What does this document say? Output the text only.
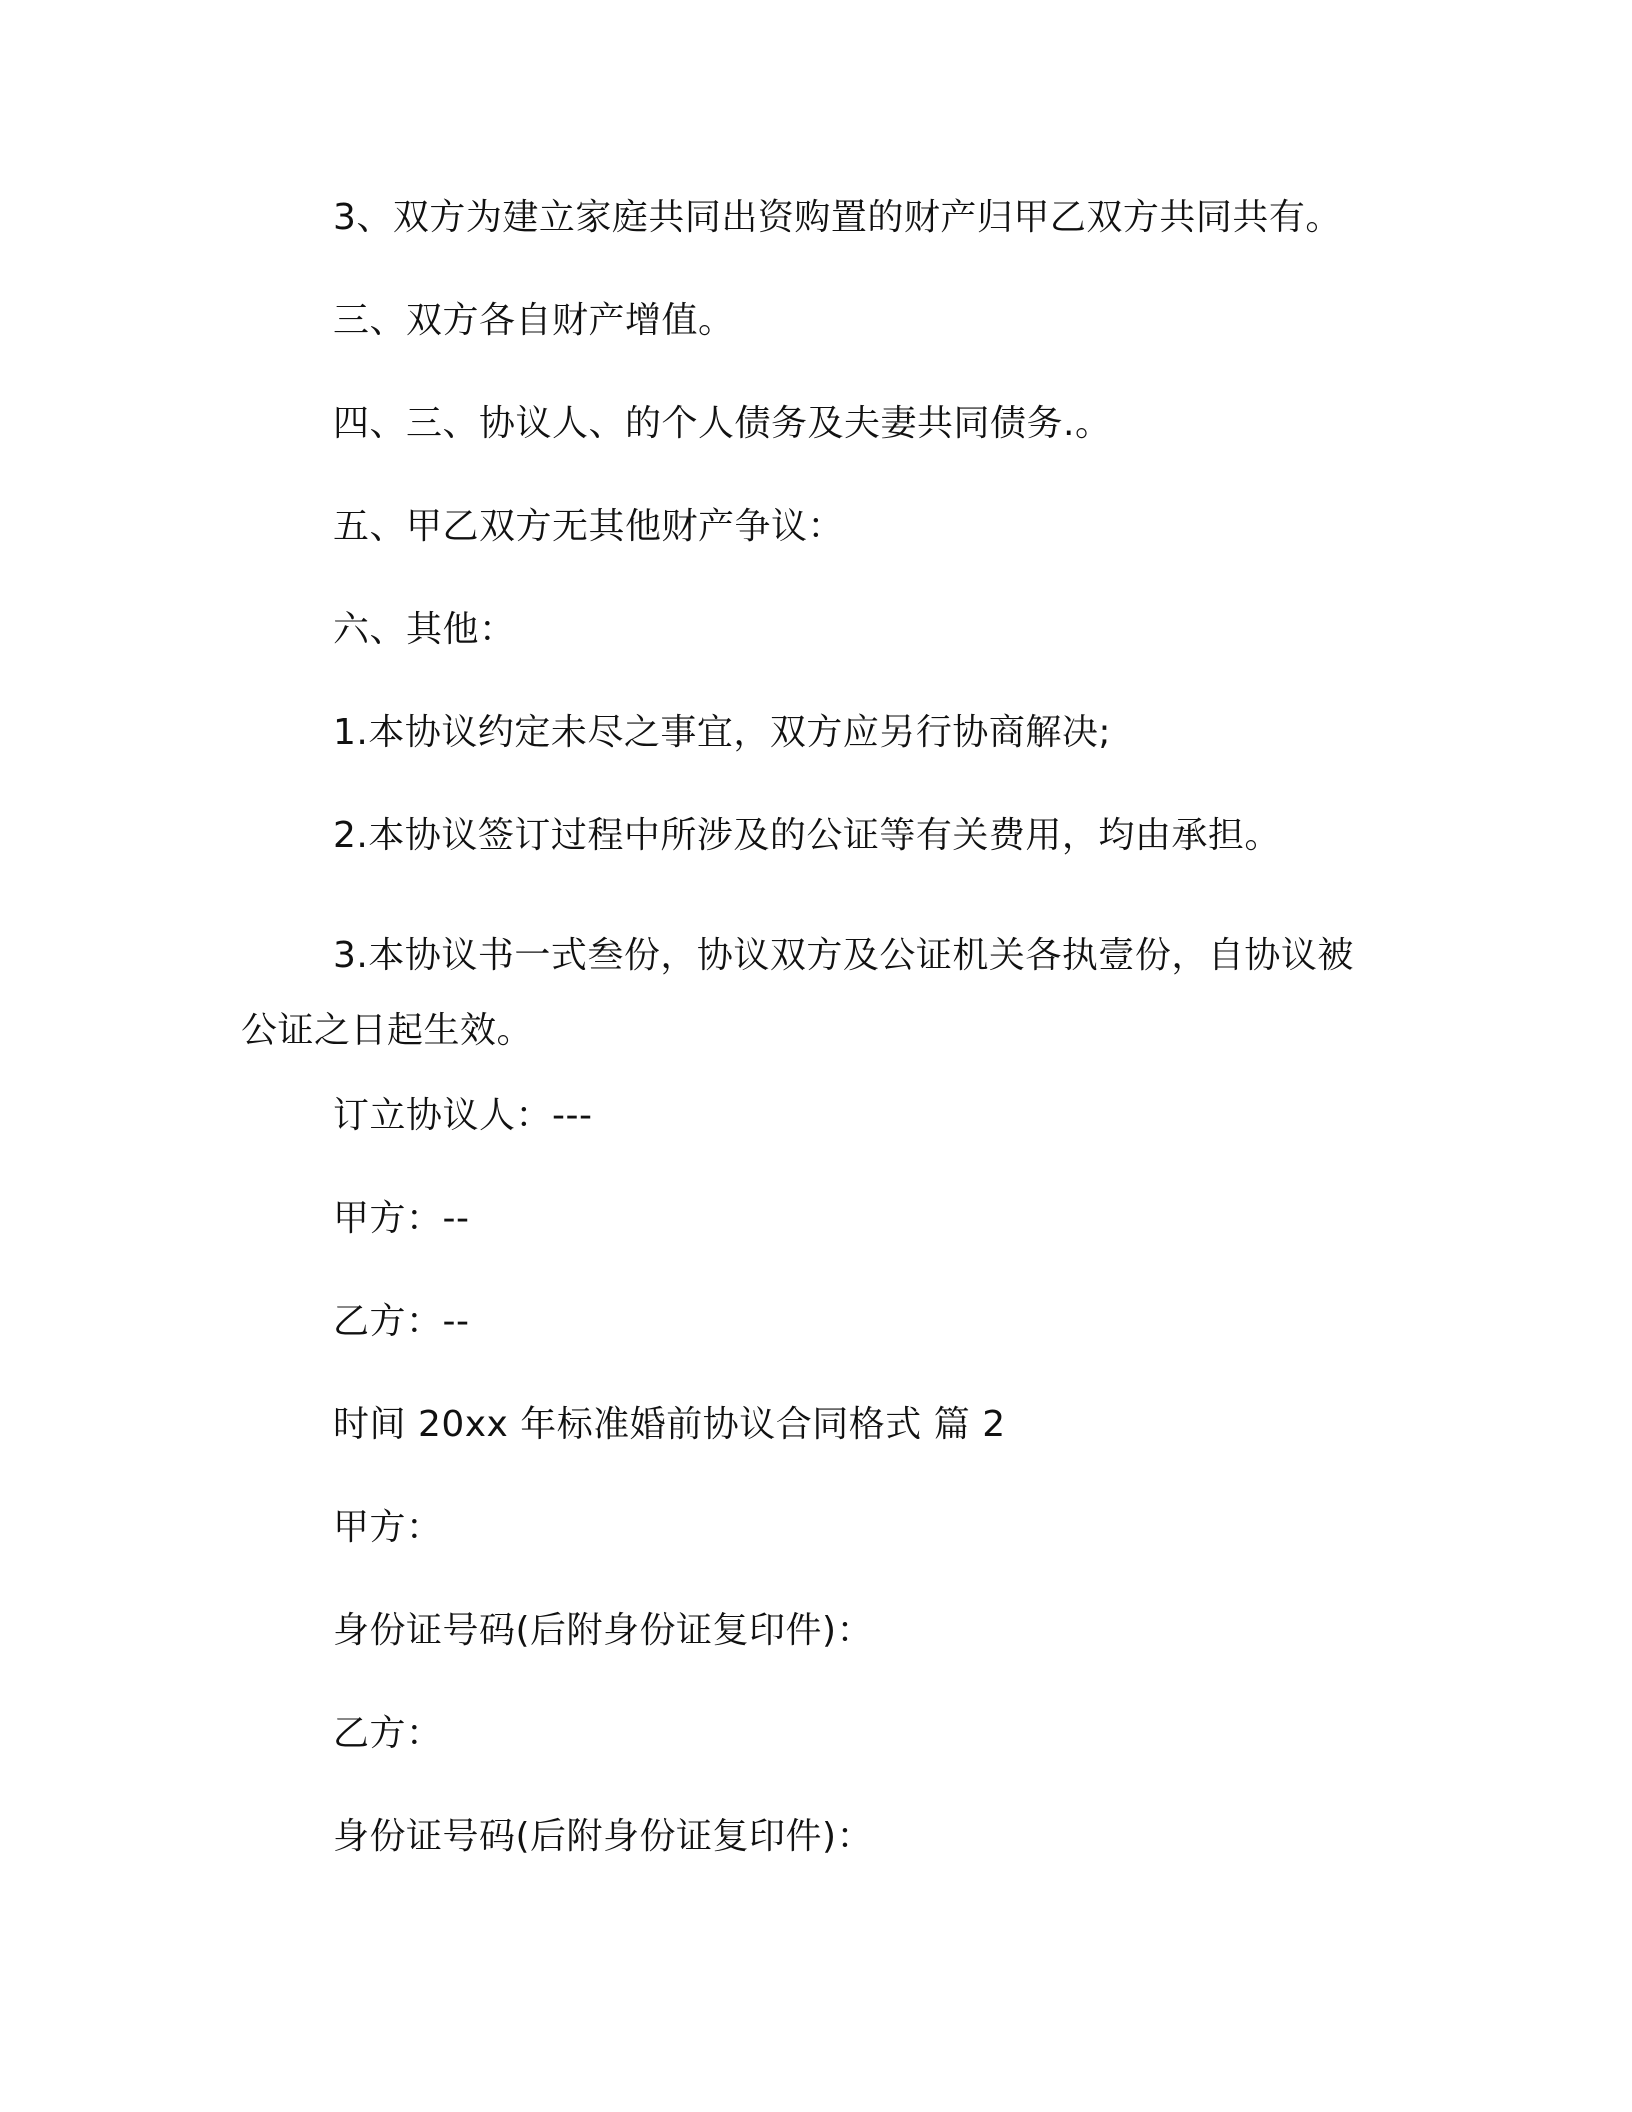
3、双方为建立家庭共同出资购置的财产归甲乙双方共同共有。
三、双方各自财产增值。
四、三、协议人、的个人债务及夫妻共同债务.。
五、甲乙双方无其他财产争议：
六、其他：
1.本协议约定未尽之事宜，双方应另行协商解决;
2.本协议签订过程中所涉及的公证等有关费用，均由承担。
3.本协议书一式叁份，协议双方及公证机关各执壹份，自协议被公证之日起生效。
订立协议人：---
甲方：--
乙方：--
时间 20xx 年标准婚前协议合同格式 篇 2
甲方：
身份证号码(后附身份证复印件)：
乙方：
身份证号码(后附身份证复印件)：
